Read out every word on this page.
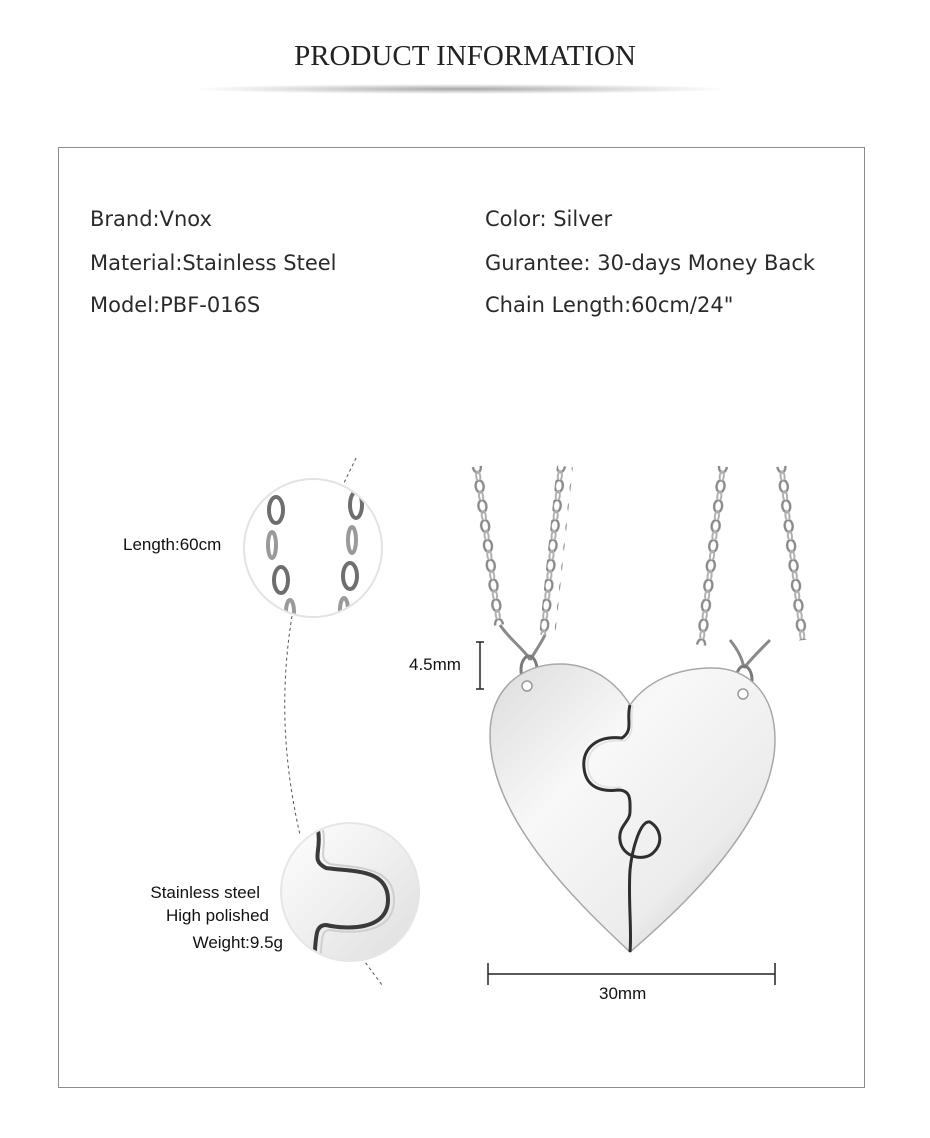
PRODUCT INFORMATION
Brand:Vnox
Material:Stainless Steel
Model:PBF-016S
Color: Silver
Gurantee: 30-days Money Back
Chain Length:60cm/24"
Length:60cm
Stainless steel
High polished
Weight:9.5g
4.5mm
30mm
